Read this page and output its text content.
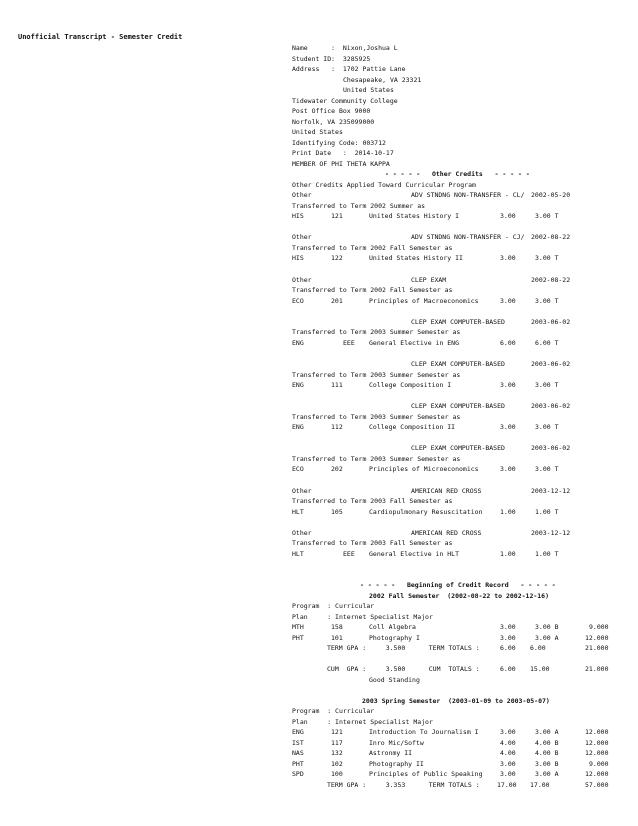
Unofficial Transcript - Semester Credit
Name      :  Nixon,Joshua L
Student ID:  3285925
Address   :  1702 Pattie Lane
Chesapeake, VA 23321
United States
Tidewater Community College
Post Office Box 9000
Norfolk, VA 235099000
United States
Identifying Code: 003712
Print Date   :  2014-10-17
MEMBER OF PHI THETA KAPPA
- - - - -   Other Credits   - - - - -
Other Credits Applied Toward Curricular Program
Other	ADV STNDNG NON-TRANSFER - CL/ 2002-05-20
Transferred to Term 2002 Summer as
HIS	121	United States History I	3.00	3.00 T
Other	ADV STNDNG NON-TRANSFER - CJ/ 2002-08-22
Transferred to Term 2002 Fall Semester as
HIS	122	United States History II	3.00	3.00 T
Other	CLEP EXAM	2002-08-22
Transferred to Term 2002 Fall Semester as
ECO	201	Principles of Macroeconomics	3.00	3.00 T
CLEP EXAM COMPUTER-BASED	2003-06-02
Transferred to Term 2003 Summer Semester as
ENG	EEE General Elective in ENG	6.00	6.00 T
CLEP EXAM COMPUTER-BASED	2003-06-02
Transferred to Term 2003 Summer Semester as
ENG	111	College Composition I	3.00	3.00 T
CLEP EXAM COMPUTER-BASED	2003-06-02
Transferred to Term 2003 Summer Semester as
ENG	112	College Composition II	3.00	3.00 T
CLEP EXAM COMPUTER-BASED	2003-06-02
Transferred to Term 2003 Summer Semester as
ECO	202	Principles of Microeconomics	3.00	3.00 T
Other	AMERICAN RED CROSS	2003-12-12
Transferred to Term 2003 Fall Semester as
HLT	105	Cardiopulmonary Resuscitation	1.00	1.00 T
Other	AMERICAN RED CROSS	2003-12-12
Transferred to Term 2003 Fall Semester as
HLT	EEE General Elective in HLT	1.00	1.00 T
- - - - -   Beginning of Credit Record   - - - - -
2002 Fall Semester  (2002-08-22 to 2002-12-16)
Program  : Curricular
Plan     : Internet Specialist Major
MTH	158	Coll Algebra	3.00	3.00 B	9.000
PHT	101	Photography I	3.00	3.00 A	12.000
TERM GPA :     3.500      TERM TOTALS :	6.00 6.00	21.000
CUM  GPA :     3.500      CUM  TOTALS :	6.00 15.00	21.000
Good Standing
2003 Spring Semester  (2003-01-09 to 2003-05-07)
Program  : Curricular
Plan     : Internet Specialist Major
ENG	121	Introduction To Journalism I	3.00	3.00 A	12.000
IST	117	Inro Mic/Softw	4.00	4.00 B	12.000
NAS	132	Astronmy II	4.00	4.00 B	12.000
PHT	102	Photography II	3.00	3.00 B	9.000
SPD	100	Principles of Public Speaking	3.00	3.00 A	12.000
TERM GPA :     3.353      TERM TOTALS :	17.00 17.00	57.000
